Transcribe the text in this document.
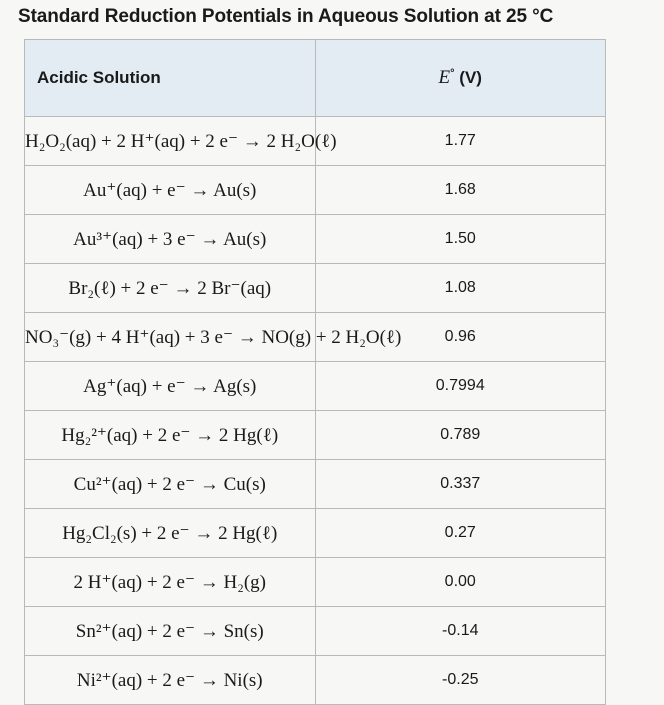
Standard Reduction Potentials in Aqueous Solution at 25 °C
Acidic Solution	E° (V)
H₂O₂(aq) + 2 H⁺(aq) + 2 e⁻ → 2 H₂O(ℓ)	1.77
Au⁺(aq) + e⁻ → Au(s)	1.68
Au³⁺(aq) + 3 e⁻ → Au(s)	1.50
Br₂(ℓ) + 2 e⁻ → 2 Br⁻(aq)	1.08
NO₃⁻(g) + 4 H⁺(aq) + 3 e⁻ → NO(g) + 2 H₂O(ℓ)	0.96
Ag⁺(aq) + e⁻ → Ag(s)	0.7994
Hg₂²⁺(aq) + 2 e⁻ → 2 Hg(ℓ)	0.789
Cu²⁺(aq) + 2 e⁻ → Cu(s)	0.337
Hg₂Cl₂(s) + 2 e⁻ → 2 Hg(ℓ)	0.27
2 H⁺(aq) + 2 e⁻ → H₂(g)	0.00
Sn²⁺(aq) + 2 e⁻ → Sn(s)	-0.14
Ni²⁺(aq) + 2 e⁻ → Ni(s)	-0.25
